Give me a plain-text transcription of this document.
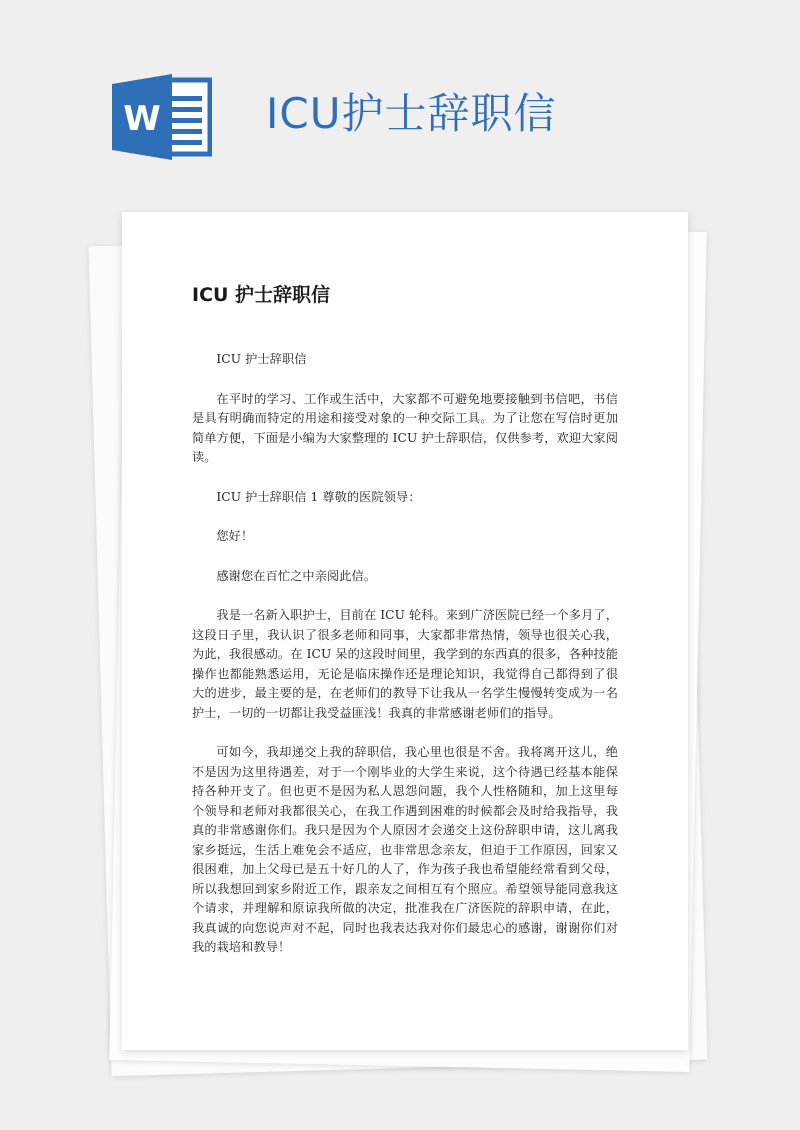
W	ICU护士辞职信
ICU 护士辞职信

ICU 护士辞职信

在平时的学习、工作或生活中，大家都不可避免地要接触到书信吧，书信是具有明确而特定的用途和接受对象的一种交际工具。为了让您在写信时更加简单方便，下面是小编为大家整理的 ICU 护士辞职信，仅供参考，欢迎大家阅读。

ICU 护士辞职信 1 尊敬的医院领导：

您好！

感谢您在百忙之中亲阅此信。

我是一名新入职护士，目前在 ICU 轮科。来到广济医院已经一个多月了，这段日子里，我认识了很多老师和同事，大家都非常热情，领导也很关心我，为此，我很感动。在 ICU 呆的这段时间里，我学到的东西真的很多，各种技能操作也都能熟悉运用，无论是临床操作还是理论知识，我觉得自己都得到了很大的进步，最主要的是，在老师们的教导下让我从一名学生慢慢转变成为一名护士，一切的一切都让我受益匪浅！我真的非常感谢老师们的指导。

可如今，我却递交上我的辞职信，我心里也很是不舍。我将离开这儿，绝不是因为这里待遇差，对于一个刚毕业的大学生来说，这个待遇已经基本能保持各种开支了。但也更不是因为私人恩怨问题，我个人性格随和，加上这里每个领导和老师对我都很关心，在我工作遇到困难的时候都会及时给我指导，我真的非常感谢你们。我只是因为个人原因才会递交上这份辞职申请，这儿离我家乡挺远，生活上难免会不适应，也非常思念亲友，但迫于工作原因，回家又很困难，加上父母已是五十好几的人了，作为孩子我也希望能经常看到父母，所以我想回到家乡附近工作，跟亲友之间相互有个照应。希望领导能同意我这个请求，并理解和原谅我所做的决定，批准我在广济医院的辞职申请，在此，我真诚的向您说声对不起，同时也我表达我对你们最忠心的感谢，谢谢你们对我的栽培和教导！
